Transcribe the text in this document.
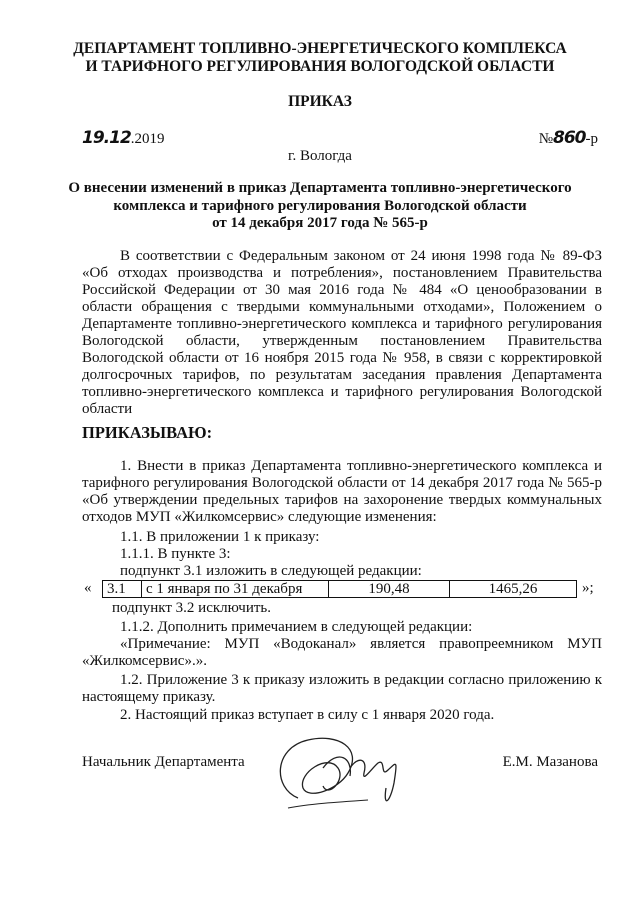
ДЕПАРТАМЕНТ ТОПЛИВНО-ЭНЕРГЕТИЧЕСКОГО КОМПЛЕКСА
И ТАРИФНОГО РЕГУЛИРОВАНИЯ ВОЛОГОДСКОЙ ОБЛАСТИ
ПРИКАЗ
19.12.2019	№860-р
г. Вологда
О внесении изменений в приказ Департамента топливно-энергетического
комплекса и тарифного регулирования Вологодской области
от 14 декабря 2017 года № 565-р
В соответствии с Федеральным законом от 24 июня 1998 года № 89-ФЗ «Об отходах производства и потребления», постановлением Правительства Российской Федерации от 30 мая 2016 года № 484 «О ценообразовании в области обращения с твердыми коммунальными отходами», Положением о Департаменте топливно-энергетического комплекса и тарифного регулирования Вологодской области, утвержденным постановлением Правительства Вологодской области от 16 ноября 2015 года № 958, в связи с корректировкой долгосрочных тарифов, по результатам заседания правления Департамента топливно-энергетического комплекса и тарифного регулирования Вологодской области
ПРИКАЗЫВАЮ:
1. Внести в приказ Департамента топливно-энергетического комплекса и тарифного регулирования Вологодской области от 14 декабря 2017 года № 565-р «Об утверждении предельных тарифов на захоронение твердых коммунальных отходов МУП «Жилкомсервис» следующие изменения:
1.1. В приложении 1 к приказу:
1.1.1. В пункте 3:
подпункт 3.1 изложить в следующей редакции:
« 3.1	с 1 января по 31 декабря	190,48	1465,26	»;
подпункт 3.2 исключить.
1.1.2. Дополнить примечанием в следующей редакции:
«Примечание: МУП «Водоканал» является правопреемником МУП «Жилкомсервис».».
1.2. Приложение 3 к приказу изложить в редакции согласно приложению к настоящему приказу.
2. Настоящий приказ вступает в силу с 1 января 2020 года.
Начальник Департамента	Е.М. Мазанова
